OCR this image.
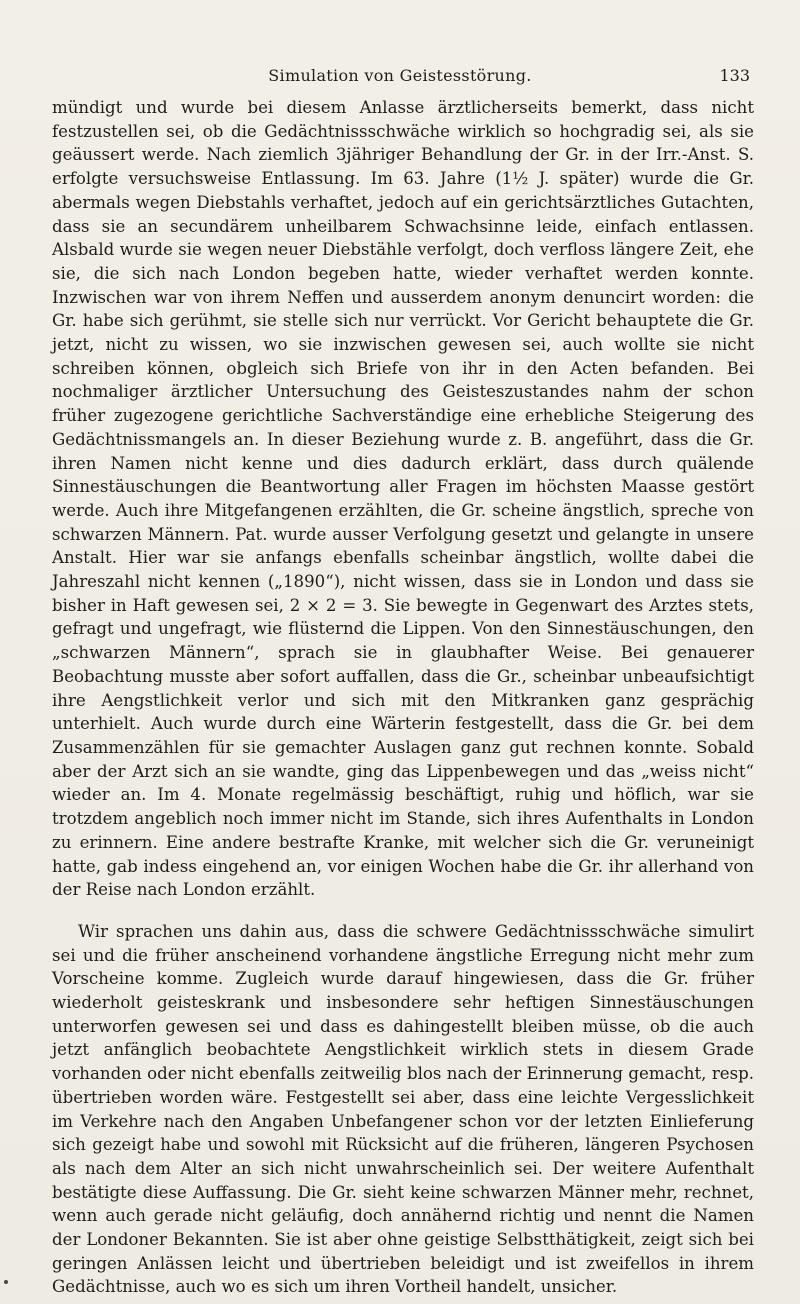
Simulation von Geistesstörung.	133

mündigt und wurde bei diesem Anlasse ärztlicherseits bemerkt, dass nicht festzustellen sei, ob die Gedächtnissschwäche wirklich so hochgradig sei, als sie geäussert werde. Nach ziemlich 3jähriger Behandlung der Gr. in der Irr.-Anst. S. erfolgte versuchsweise Entlassung. Im 63. Jahre (1½ J. später) wurde die Gr. abermals wegen Diebstahls verhaftet, jedoch auf ein gerichtsärztliches Gutachten, dass sie an secundärem unheilbarem Schwachsinne leide, einfach entlassen. Alsbald wurde sie wegen neuer Diebstähle verfolgt, doch verfloss längere Zeit, ehe sie, die sich nach London begeben hatte, wieder verhaftet werden konnte. Inzwischen war von ihrem Neffen und ausserdem anonym denuncirt worden: die Gr. habe sich gerühmt, sie stelle sich nur verrückt. Vor Gericht behauptete die Gr. jetzt, nicht zu wissen, wo sie inzwischen gewesen sei, auch wollte sie nicht schreiben können, obgleich sich Briefe von ihr in den Acten befanden. Bei nochmaliger ärztlicher Untersuchung des Geisteszustandes nahm der schon früher zugezogene gerichtliche Sachverständige eine erhebliche Steigerung des Gedächtnissmangels an. In dieser Beziehung wurde z. B. angeführt, dass die Gr. ihren Namen nicht kenne und dies dadurch erklärt, dass durch quälende Sinnestäuschungen die Beantwortung aller Fragen im höchsten Maasse gestört werde. Auch ihre Mitgefangenen erzählten, die Gr. scheine ängstlich, spreche von schwarzen Männern. Pat. wurde ausser Verfolgung gesetzt und gelangte in unsere Anstalt. Hier war sie anfangs ebenfalls scheinbar ängstlich, wollte dabei die Jahreszahl nicht kennen („1890“), nicht wissen, dass sie in London und dass sie bisher in Haft gewesen sei, 2 × 2 = 3. Sie bewegte in Gegenwart des Arztes stets, gefragt und ungefragt, wie flüsternd die Lippen. Von den Sinnestäuschungen, den „schwarzen Männern“, sprach sie in glaubhafter Weise. Bei genauerer Beobachtung musste aber sofort auffallen, dass die Gr., scheinbar unbeaufsichtigt ihre Aengstlichkeit verlor und sich mit den Mitkranken ganz gesprächig unterhielt. Auch wurde durch eine Wärterin festgestellt, dass die Gr. bei dem Zusammenzählen für sie gemachter Auslagen ganz gut rechnen konnte. Sobald aber der Arzt sich an sie wandte, ging das Lippenbewegen und das „weiss nicht“ wieder an. Im 4. Monate regelmässig beschäftigt, ruhig und höflich, war sie trotzdem angeblich noch immer nicht im Stande, sich ihres Aufenthalts in London zu erinnern. Eine andere bestrafte Kranke, mit welcher sich die Gr. veruneinigt hatte, gab indess eingehend an, vor einigen Wochen habe die Gr. ihr allerhand von der Reise nach London erzählt.

Wir sprachen uns dahin aus, dass die schwere Gedächtnissschwäche simulirt sei und die früher anscheinend vorhandene ängstliche Erregung nicht mehr zum Vorscheine komme. Zugleich wurde darauf hingewiesen, dass die Gr. früher wiederholt geisteskrank und insbesondere sehr heftigen Sinnestäuschungen unterworfen gewesen sei und dass es dahingestellt bleiben müsse, ob die auch jetzt anfänglich beobachtete Aengstlichkeit wirklich stets in diesem Grade vorhanden oder nicht ebenfalls zeitweilig blos nach der Erinnerung gemacht, resp. übertrieben worden wäre. Festgestellt sei aber, dass eine leichte Vergesslichkeit im Verkehre nach den Angaben Unbefangener schon vor der letzten Einlieferung sich gezeigt habe und sowohl mit Rücksicht auf die früheren, längeren Psychosen als nach dem Alter an sich nicht unwahrscheinlich sei. Der weitere Aufenthalt bestätigte diese Auffassung. Die Gr. sieht keine schwarzen Männer mehr, rechnet, wenn auch gerade nicht geläufig, doch annähernd richtig und nennt die Namen der Londoner Bekannten. Sie ist aber ohne geistige Selbstthätigkeit, zeigt sich bei geringen Anlässen leicht und übertrieben beleidigt und ist zweifellos in ihrem Gedächtnisse, auch wo es sich um ihren Vortheil handelt, unsicher.
